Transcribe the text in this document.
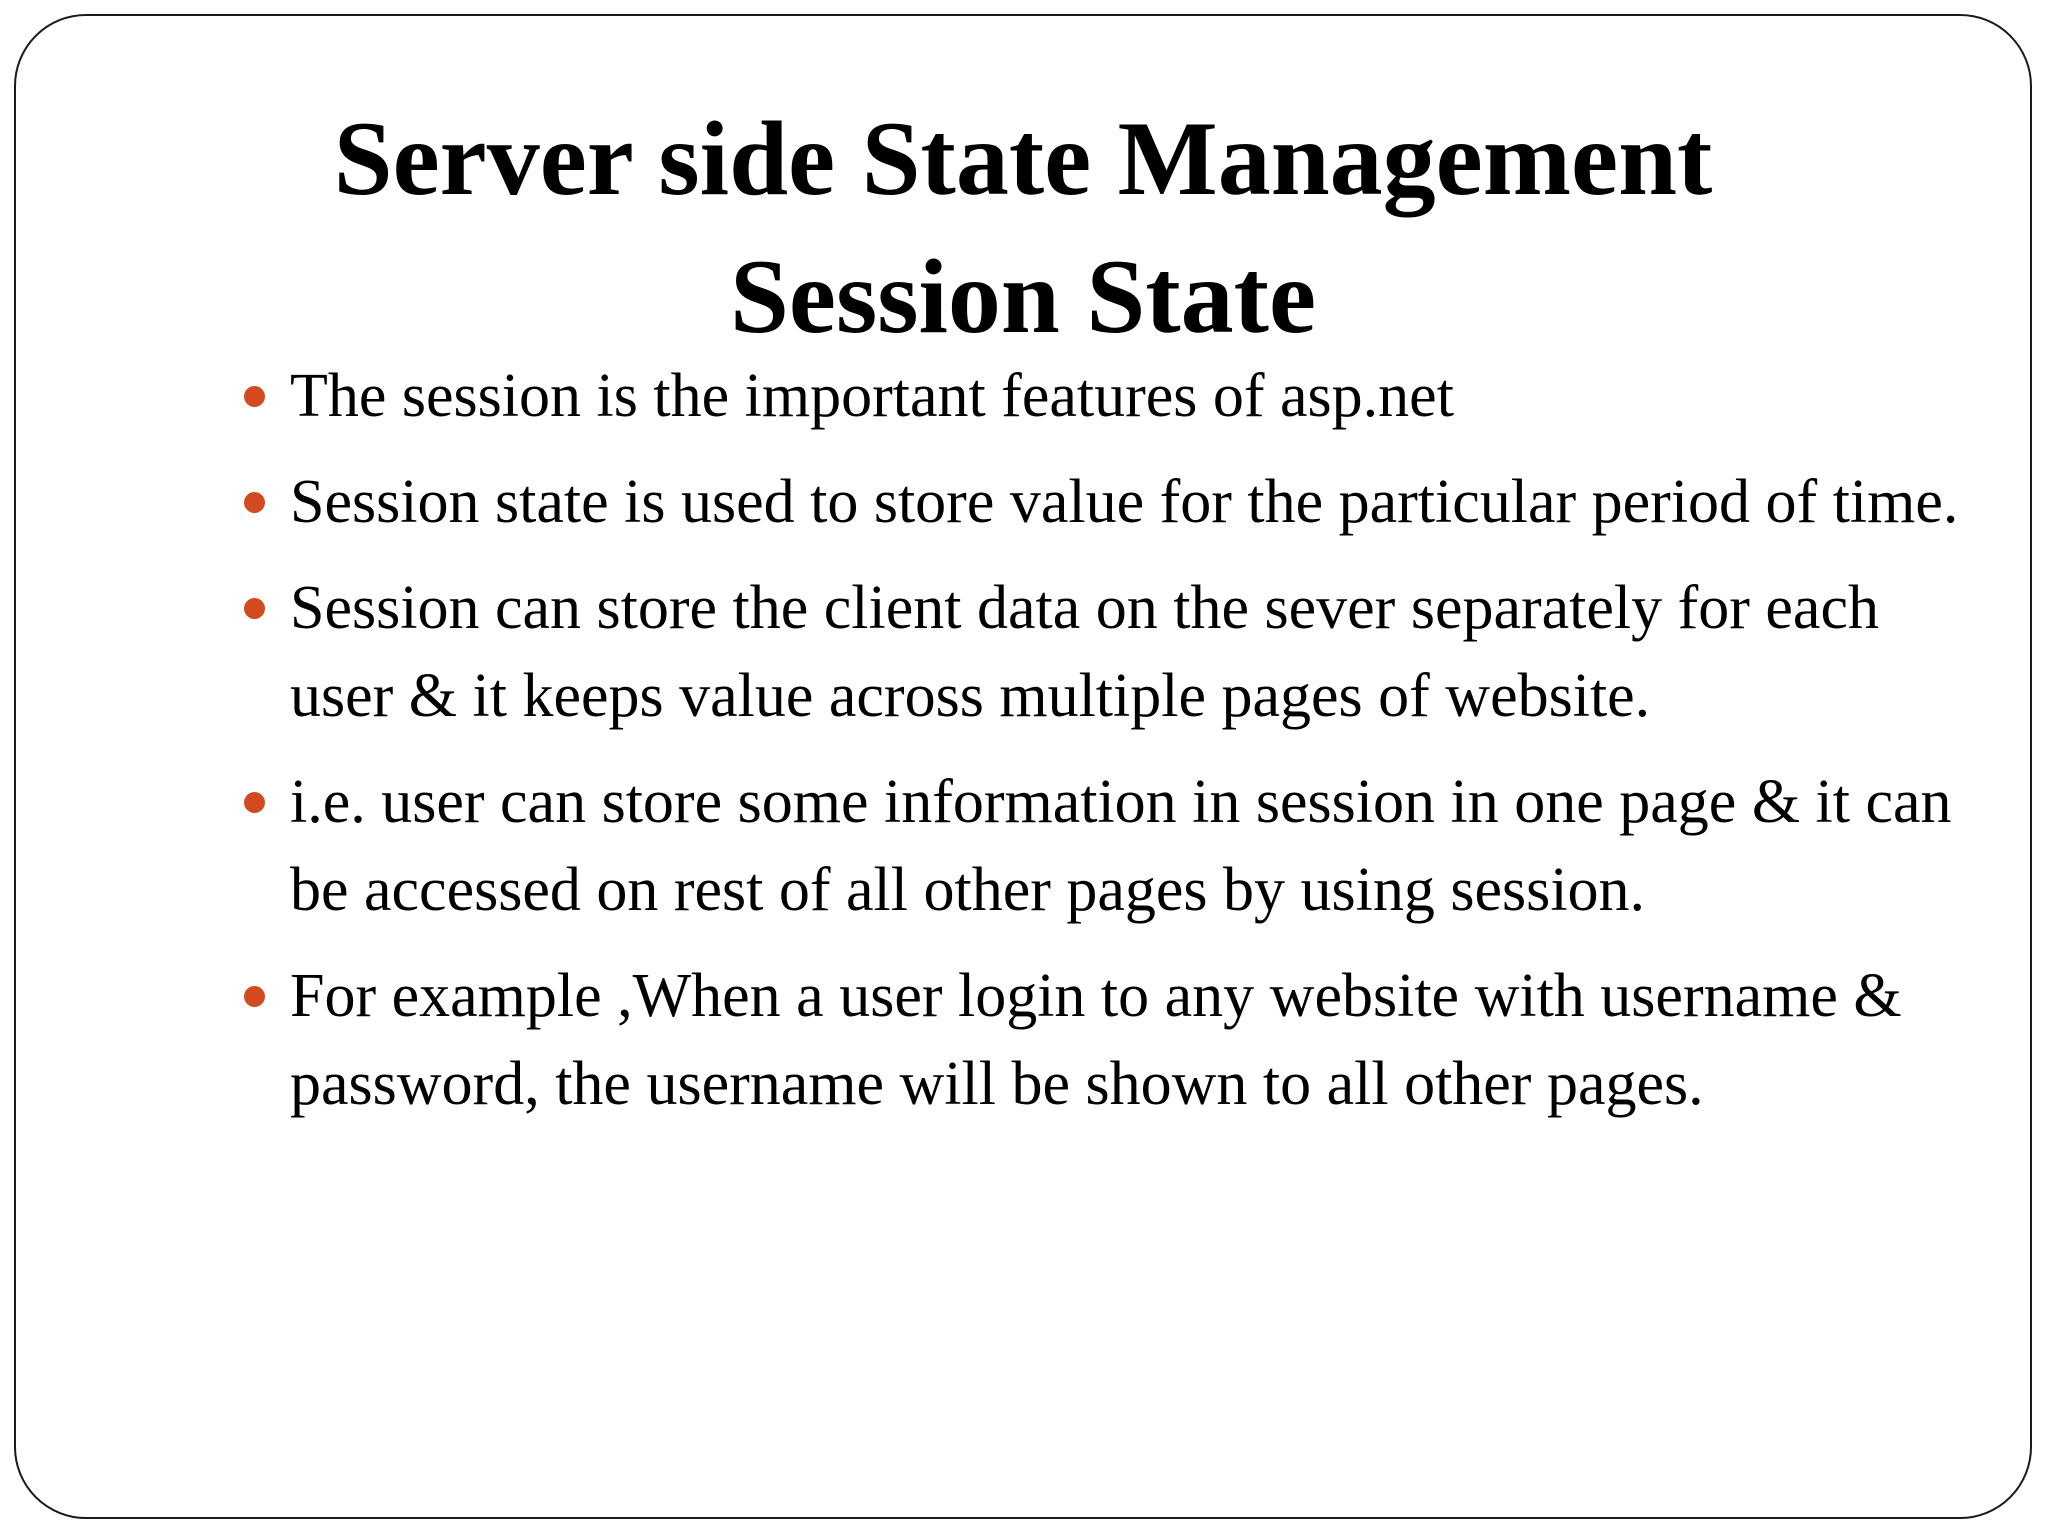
Server side State Management
Session State
The session is the important features of asp.net
Session state is used to store value for the particular period of time.
Session can store the client data on the sever separately for each user & it keeps value across multiple pages of website.
i.e. user can store some information in session in one page & it can be accessed on rest of all other pages by using session.
For example ,When a user login to any website with username & password, the username will be shown to all other pages.
